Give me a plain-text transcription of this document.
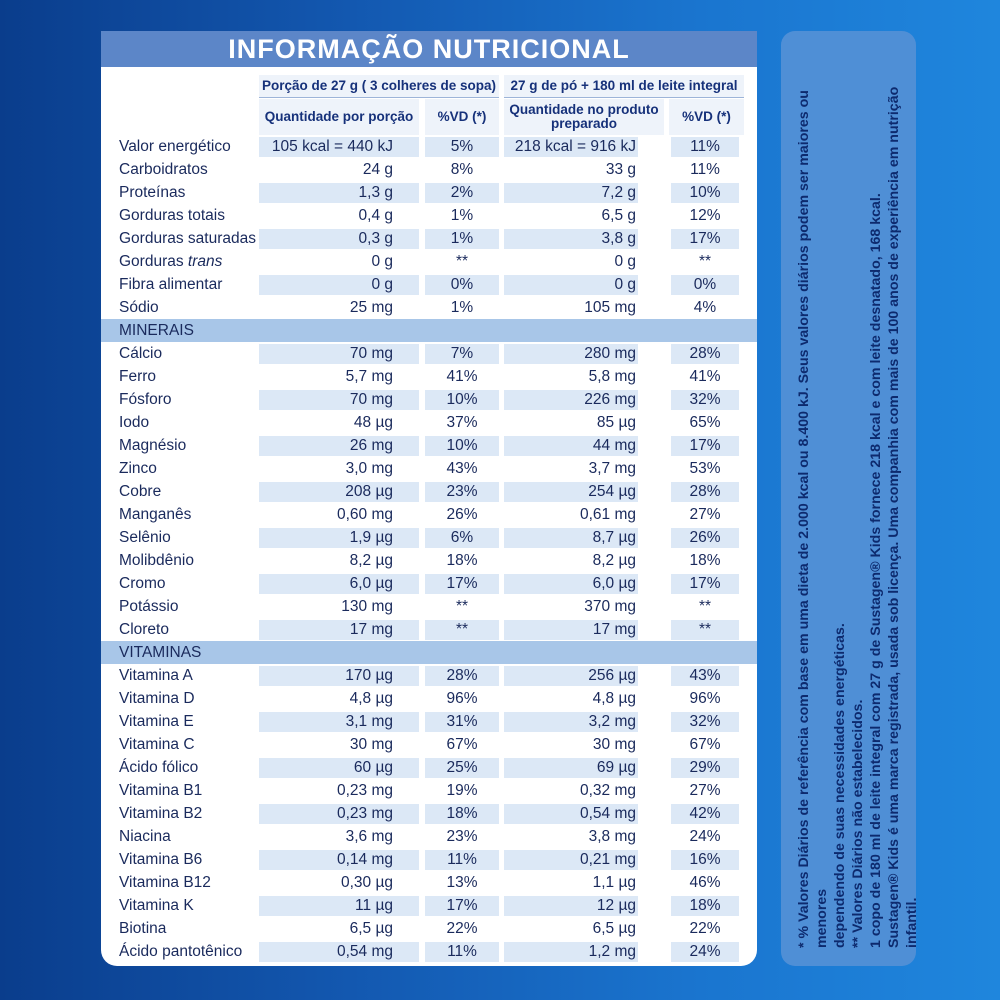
INFORMAÇÃO NUTRICIONAL
Porção de 27 g ( 3 colheres de sopa)	27 g de pó + 180 ml de leite integral
Quantidade por porção	%VD (*)	Quantidade no produto preparado	%VD (*)
Valor energético	105 kcal = 440 kJ	5%	218 kcal = 916 kJ	11%
Carboidratos	24 g	8%	33 g	11%
Proteínas	1,3 g	2%	7,2 g	10%
Gorduras totais	0,4 g	1%	6,5 g	12%
Gorduras saturadas	0,3 g	1%	3,8 g	17%
Gorduras trans	0 g	**	0 g	**
Fibra alimentar	0 g	0%	0 g	0%
Sódio	25 mg	1%	105 mg	4%
MINERAIS
Cálcio	70 mg	7%	280 mg	28%
Ferro	5,7 mg	41%	5,8 mg	41%
Fósforo	70 mg	10%	226 mg	32%
Iodo	48 µg	37%	85 µg	65%
Magnésio	26 mg	10%	44 mg	17%
Zinco	3,0 mg	43%	3,7 mg	53%
Cobre	208 µg	23%	254 µg	28%
Manganês	0,60 mg	26%	0,61 mg	27%
Selênio	1,9 µg	6%	8,7 µg	26%
Molibdênio	8,2 µg	18%	8,2 µg	18%
Cromo	6,0 µg	17%	6,0 µg	17%
Potássio	130 mg	**	370 mg	**
Cloreto	17 mg	**	17 mg	**
VITAMINAS
Vitamina A	170 µg	28%	256 µg	43%
Vitamina D	4,8 µg	96%	4,8 µg	96%
Vitamina E	3,1 mg	31%	3,2 mg	32%
Vitamina C	30 mg	67%	30 mg	67%
Ácido fólico	60 µg	25%	69 µg	29%
Vitamina B1	0,23 mg	19%	0,32 mg	27%
Vitamina B2	0,23 mg	18%	0,54 mg	42%
Niacina	3,6 mg	23%	3,8 mg	24%
Vitamina B6	0,14 mg	11%	0,21 mg	16%
Vitamina B12	0,30 µg	13%	1,1 µg	46%
Vitamina K	11 µg	17%	12 µg	18%
Biotina	6,5 µg	22%	6,5 µg	22%
Ácido pantotênico	0,54 mg	11%	1,2 mg	24%
* % Valores Diários de referência com base em uma dieta de 2.000 kcal ou 8.400 kJ. Seus valores diários podem ser maiores ou menores dependendo de suas necessidades energéticas. ** Valores Diários não estabelecidos. 1 copo de 180 ml de leite integral com 27 g de Sustagen® Kids fornece 218 kcal e com leite desnatado, 168 kcal. Sustagen® Kids é uma marca registrada, usada sob licença. Uma companhia com mais de 100 anos de experiência em nutrição infantil.
